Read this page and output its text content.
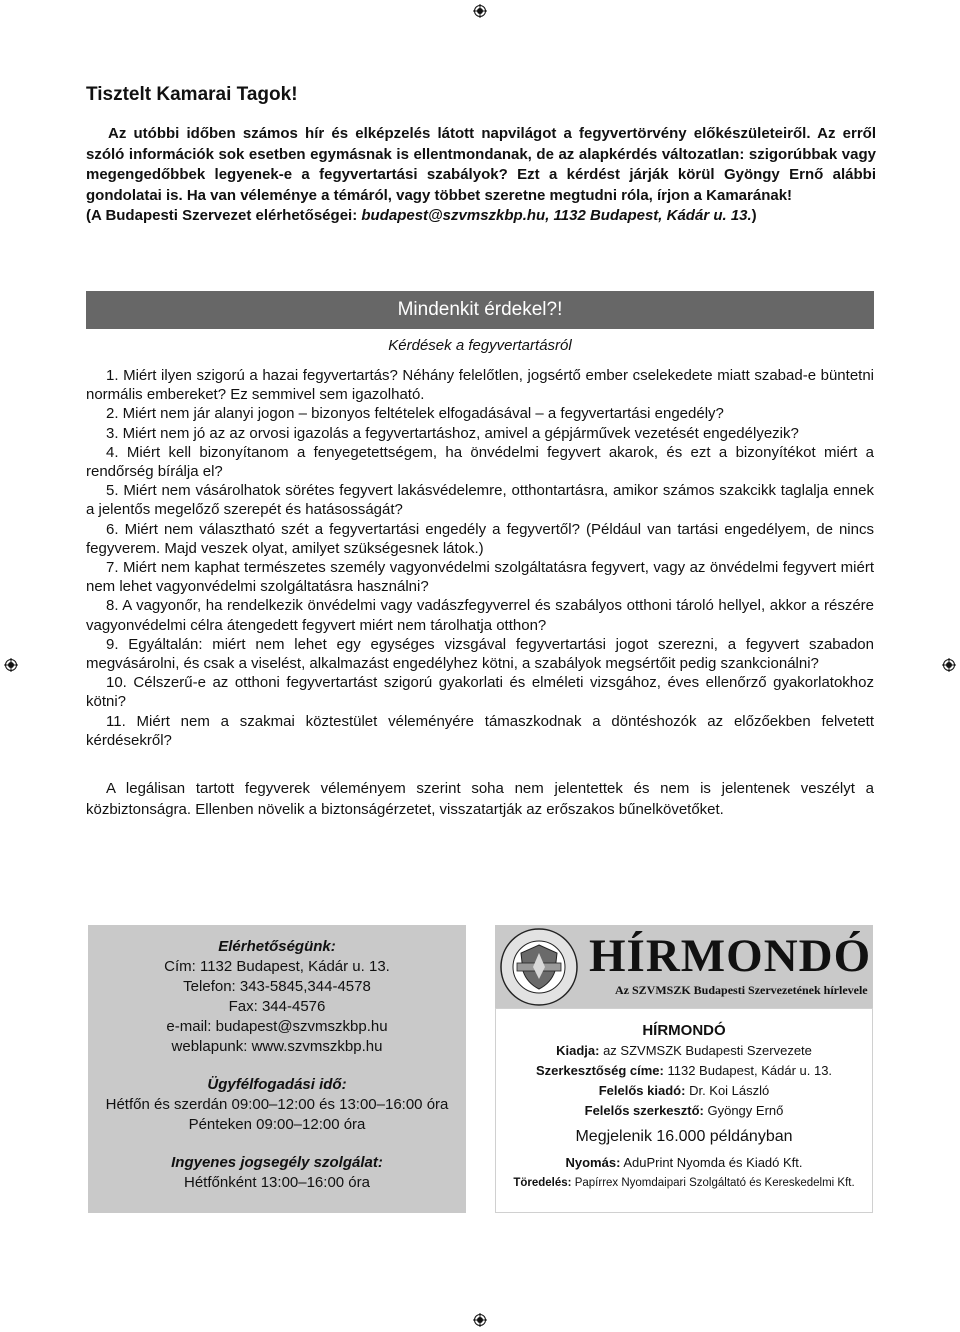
Tisztelt Kamarai Tagok!

Az utóbbi időben számos hír és elképzelés látott napvilágot a fegyvertörvény előkészületeiről. Az erről szóló információk sok esetben egymásnak is ellentmondanak, de az alapkérdés változatlan: szigorúbbak vagy megengedőbbek legyenek-e a fegyvertartási szabályok? Ezt a kérdést járják körül Gyöngy Ernő alábbi gondolatai is. Ha van véleménye a témáról, vagy többet szeretne megtudni róla, írjon a Kamarának!

(A Budapesti Szervezet elérhetőségei: budapest@szvmszkbp.hu, 1132 Budapest, Kádár u. 13.)

Mindenkit érdekel?!
Kérdések a fegyvertartásról

1. Miért ilyen szigorú a hazai fegyvertartás? Néhány felelőtlen, jogsértő ember cselekedete miatt szabad-e büntetni normális embereket? Ez semmivel sem igazolható.

2. Miért nem jár alanyi jogon – bizonyos feltételek elfogadásával – a fegyvertartási engedély?

3. Miért nem jó az az orvosi igazolás a fegyvertartáshoz, amivel a gépjárművek vezetését engedélyezik?

4. Miért kell bizonyítanom a fenyegetettségem, ha önvédelmi fegyvert akarok, és ezt a bizonyítékot miért a rendőrség bírálja el?

5. Miért nem vásárolhatok sörétes fegyvert lakásvédelemre, otthontartásra, amikor számos szakcikk taglalja ennek a jelentős megelőző szerepét és hatásosságát?

6. Miért nem választható szét a fegyvertartási engedély a fegyvertől? (Például van tartási engedélyem, de nincs fegyverem. Majd veszek olyat, amilyet szükségesnek látok.)

7. Miért nem kaphat természetes személy vagyonvédelmi szolgáltatásra fegyvert, vagy az önvédelmi fegyvert miért nem lehet vagyonvédelmi szolgáltatásra használni?

8. A vagyonőr, ha rendelkezik önvédelmi vagy vadászfegyverrel és szabályos otthoni tároló hellyel, akkor a részére vagyonvédelmi célra átengedett fegyvert miért nem tárolhatja otthon?

9. Egyáltalán: miért nem lehet egy egységes vizsgával fegyvertartási jogot szerezni, a fegyvert szabadon megvásárolni, és csak a viselést, alkalmazást engedélyhez kötni, a szabályok megsértőit pedig szankcionálni?

10. Célszerű-e az otthoni fegyvertartást szigorú gyakorlati és elméleti vizsgához, éves ellenőrző gyakorlatokhoz kötni?

11. Miért nem a szakmai köztestület véleményére támaszkodnak a döntéshozók az előzőekben felvetett kérdésekről?

A legálisan tartott fegyverek véleményem szerint soha nem jelentettek és nem is jelentenek veszélyt a közbiztonságra. Ellenben növelik a biztonságérzetet, visszatartják az erőszakos bűnelkövetőket.

Elérhetőségünk:
Cím: 1132 Budapest, Kádár u. 13.
Telefon: 343-5845,344-4578
Fax: 344-4576
e-mail: budapest@szvmszkbp.hu
weblapunk: www.szvmszkbp.hu
Ügyfélfogadási idő:
Hétfőn és szerdán 09:00–12:00 és 13:00–16:00 óra
Pénteken 09:00–12:00 óra
Ingyenes jogsegély szolgálat:
Hétfőnként 13:00–16:00 óra
HÍRMONDÓ
Az SZVMSZK Budapesti Szervezetének hírlevele
HÍRMONDÓ
Kiadja: az SZVMSZK Budapesti Szervezete
Szerkesztőség címe: 1132 Budapest, Kádár u. 13.
Felelős kiadó: Dr. Koi László
Felelős szerkesztő: Gyöngy Ernő
Megjelenik 16.000 példányban
Nyomás: AduPrint Nyomda és Kiadó Kft.
Töredelés: Papírrex Nyomdaipari Szolgáltató és Kereskedelmi Kft.
